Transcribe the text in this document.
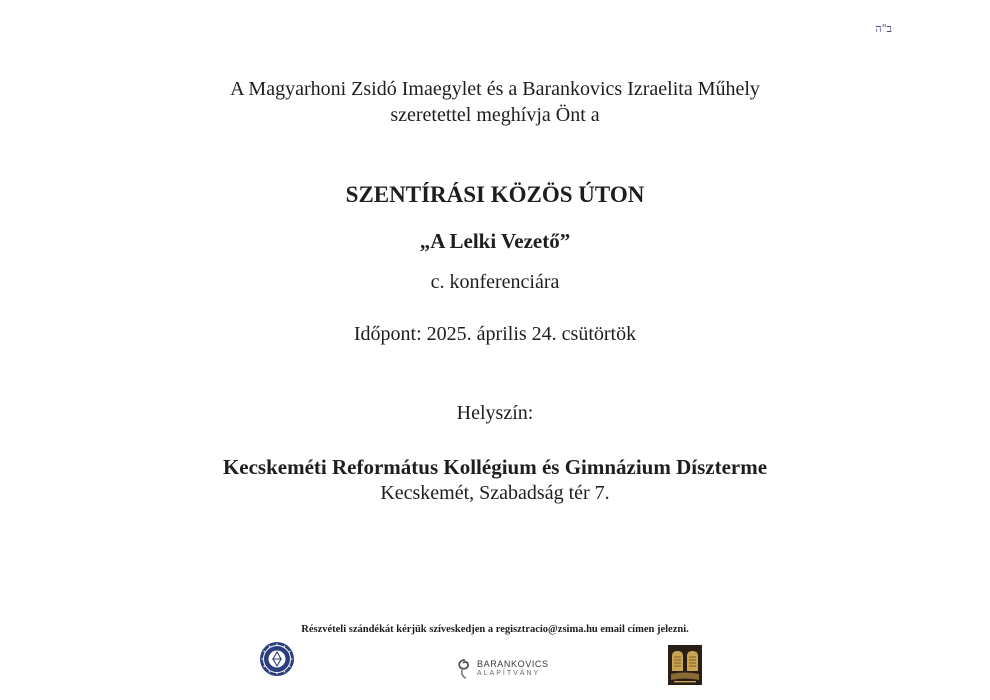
ב"ה
A Magyarhoni Zsidó Imaegylet és a Barankovics Izraelita Műhely
szeretettel meghívja Önt a
SZENTÍRÁSI KÖZÖS ÚTON
„A Lelki Vezető”
c. konferenciára
Időpont: 2025. április 24. csütörtök
Helyszín:
Kecskeméti Református Kollégium és Gimnázium Díszterme
Kecskemét, Szabadság tér 7.
Részvételi szándékát kérjük szíveskedjen a regisztracio@zsima.hu email címen jelezni.
BARANKOVICS
ALAPÍTVÁNY
